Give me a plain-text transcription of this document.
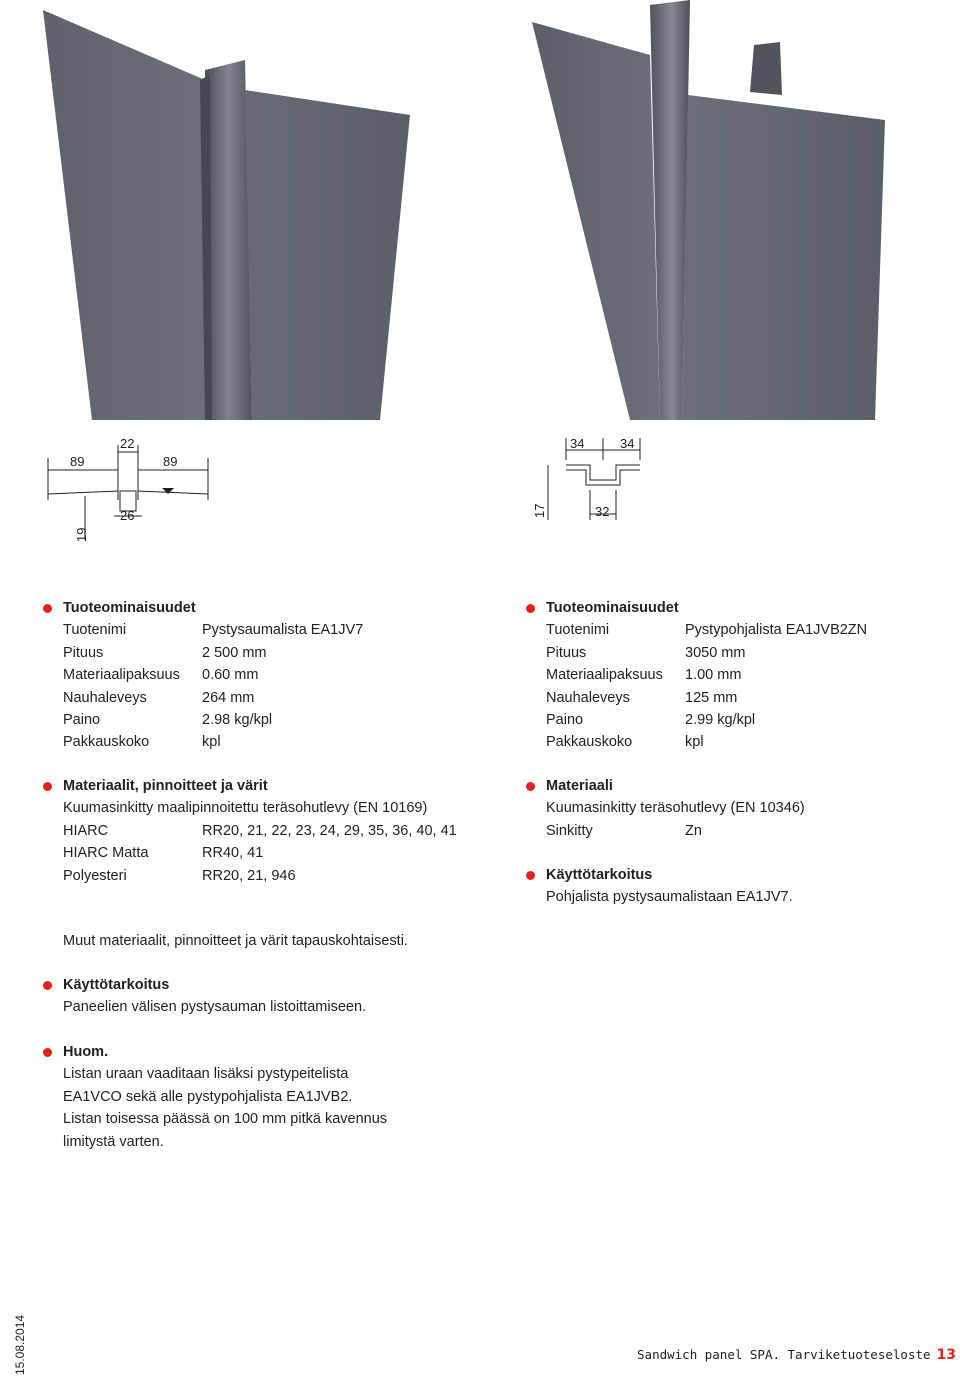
89
22
89
26
19
34	34
32
17
Tuoteominaisuudet
Tuotenimi	Pystysaumalista EA1JV7
Pituus	2 500 mm
Materiaalipaksuus	0.60 mm
Nauhaleveys	264 mm
Paino	2.98 kg/kpl
Pakkauskoko	kpl
Materiaalit, pinnoitteet ja värit
Kuumasinkitty maalipinnoitettu teräsohutlevy (EN 10169)
HIARC	RR20, 21, 22, 23, 24, 29, 35, 36, 40, 41
HIARC Matta	RR40, 41
Polyesteri	RR20, 21, 946
Muut materiaalit, pinnoitteet ja värit tapauskohtaisesti.
Käyttötarkoitus
Paneelien välisen pystysauman listoittamiseen.
Huom.
Listan uraan vaaditaan lisäksi pystypeitelista
EA1VCO sekä alle pystypohjalista EA1JVB2.
Listan toisessa päässä on 100 mm pitkä kavennus
limitystä varten.
Tuoteominaisuudet
Tuotenimi	Pystypohjalista EA1JVB2ZN
Pituus	3050 mm
Materiaalipaksuus	1.00 mm
Nauhaleveys	125 mm
Paino	2.99 kg/kpl
Pakkauskoko	kpl
Materiaali
Kuumasinkitty teräsohutlevy (EN 10346)
Sinkitty	Zn
Käyttötarkoitus
Pohjalista pystysaumalistaan EA1JV7.
15.08.2014	Sandwich panel SPA. Tarviketuoteseloste 13
